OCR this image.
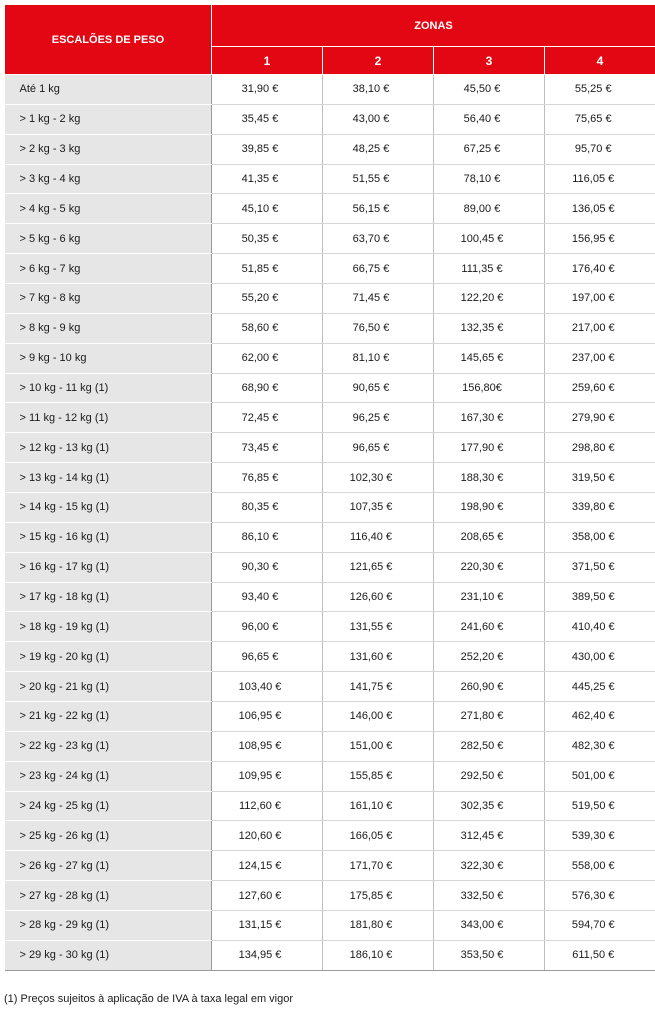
ESCALÕES DE PESO	ZONAS			
	1	2	3	4
Até 1 kg	31,90 €	38,10 €	45,50 €	55,25 €
> 1 kg - 2 kg	35,45 €	43,00 €	56,40 €	75,65 €
> 2 kg - 3 kg	39,85 €	48,25 €	67,25 €	95,70 €
> 3 kg - 4 kg	41,35 €	51,55 €	78,10 €	116,05 €
> 4 kg - 5 kg	45,10 €	56,15 €	89,00 €	136,05 €
> 5 kg - 6 kg	50,35 €	63,70 €	100,45 €	156,95 €
> 6 kg - 7 kg	51,85 €	66,75 €	111,35 €	176,40 €
> 7 kg - 8 kg	55,20 €	71,45 €	122,20 €	197,00 €
> 8 kg - 9 kg	58,60 €	76,50 €	132,35 €	217,00 €
> 9 kg - 10 kg	62,00 €	81,10 €	145,65 €	237,00 €
> 10 kg - 11 kg (1)	68,90 €	90,65 €	156,80€	259,60 €
> 11 kg - 12 kg (1)	72,45 €	96,25 €	167,30 €	279,90 €
> 12 kg - 13 kg (1)	73,45 €	96,65 €	177,90 €	298,80 €
> 13 kg - 14 kg (1)	76,85 €	102,30 €	188,30 €	319,50 €
> 14 kg - 15 kg (1)	80,35 €	107,35 €	198,90 €	339,80 €
> 15 kg - 16 kg (1)	86,10 €	116,40 €	208,65 €	358,00 €
> 16 kg - 17 kg (1)	90,30 €	121,65 €	220,30 €	371,50 €
> 17 kg - 18 kg (1)	93,40 €	126,60 €	231,10 €	389,50 €
> 18 kg - 19 kg (1)	96,00 €	131,55 €	241,60 €	410,40 €
> 19 kg - 20 kg (1)	96,65 €	131,60 €	252,20 €	430,00 €
> 20 kg - 21 kg (1)	103,40 €	141,75 €	260,90 €	445,25 €
> 21 kg - 22 kg (1)	106,95 €	146,00 €	271,80 €	462,40 €
> 22 kg - 23 kg (1)	108,95 €	151,00 €	282,50 €	482,30 €
> 23 kg - 24 kg (1)	109,95 €	155,85 €	292,50 €	501,00 €
> 24 kg - 25 kg (1)	112,60 €	161,10 €	302,35 €	519,50 €
> 25 kg - 26 kg (1)	120,60 €	166,05 €	312,45 €	539,30 €
> 26 kg - 27 kg (1)	124,15 €	171,70 €	322,30 €	558,00 €
> 27 kg - 28 kg (1)	127,60 €	175,85 €	332,50 €	576,30 €
> 28 kg - 29 kg (1)	131,15 €	181,80 €	343,00 €	594,70 €
> 29 kg - 30 kg (1)	134,95 €	186,10 €	353,50 €	611,50 €
(1) Preços sujeitos à aplicação de IVA à taxa legal em vigor
